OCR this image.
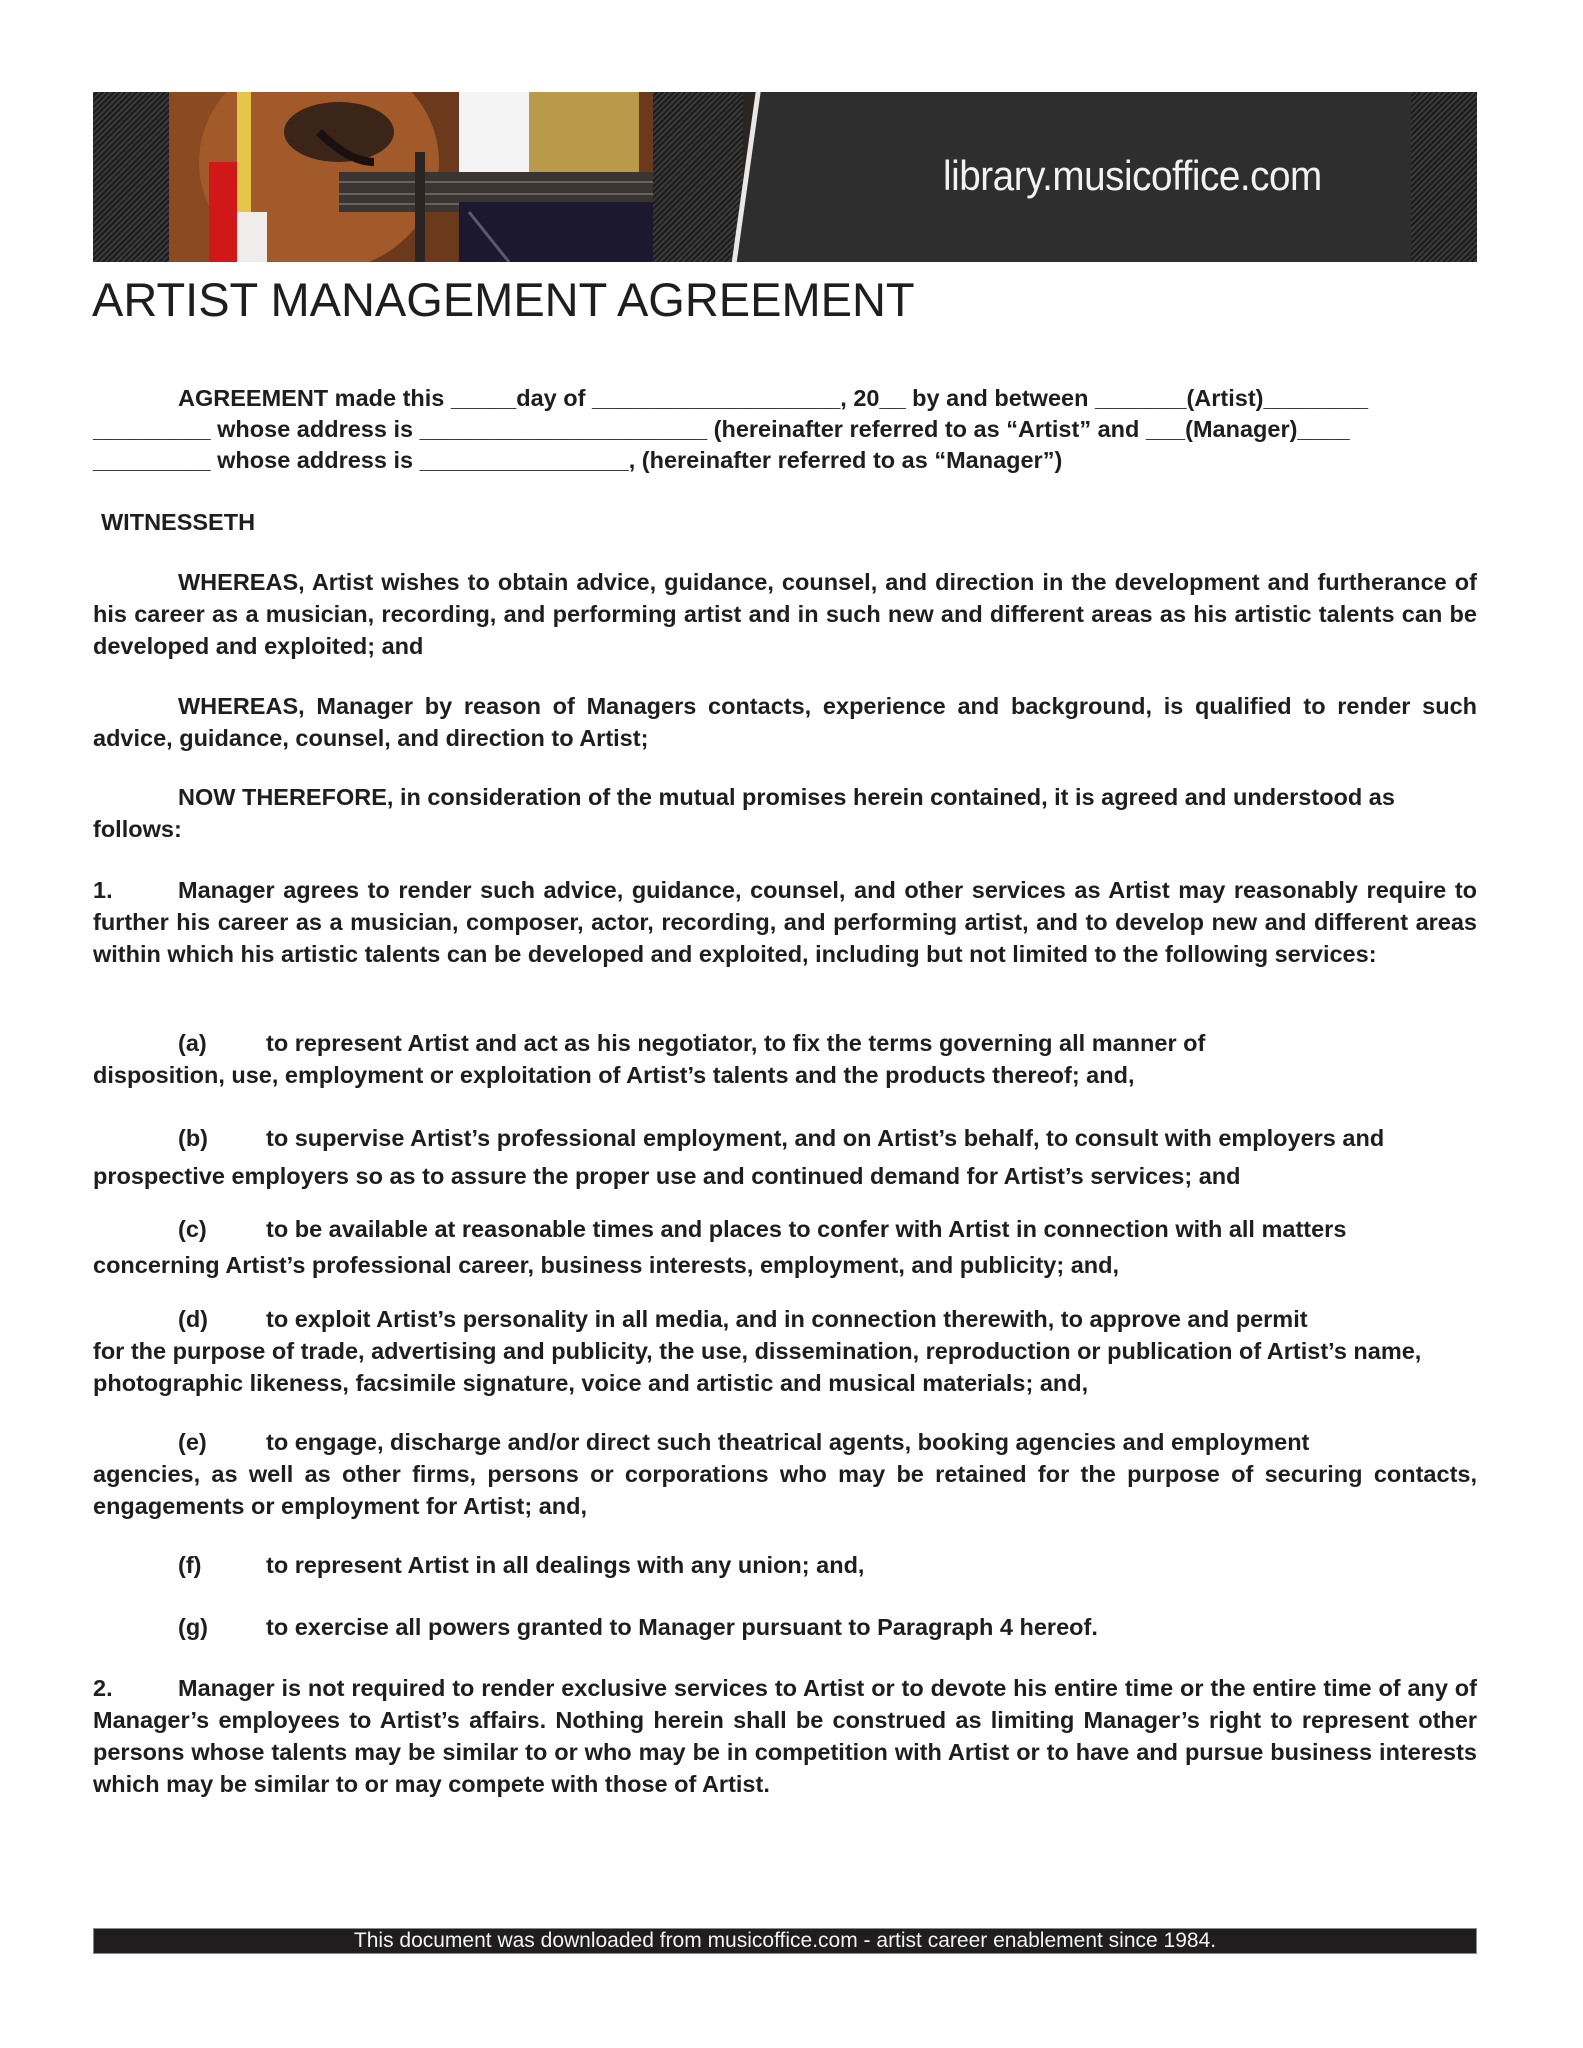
library.musicoffice.com
ARTIST MANAGEMENT AGREEMENT

AGREEMENT made this _____day of ___________________, 20__ by and between _______(Artist)________

_________ whose address is ______________________ (hereinafter referred to as “Artist” and ___(Manager)____

_________ whose address is ________________, (hereinafter referred to as “Manager”)

WITNESSETH

WHEREAS, Artist wishes to obtain advice, guidance, counsel, and direction in the development and furtherance of his career as a musician, recording, and performing artist and in such new and different areas as his artistic talents can be developed and exploited; and

WHEREAS, Manager by reason of Managers contacts, experience and background, is qualified to render such advice, guidance, counsel, and direction to Artist;

NOW THEREFORE, in consideration of the mutual promises herein contained, it is agreed and understood as follows:

1.	Manager agrees to render such advice, guidance, counsel, and other services as Artist may reasonably require to further his career as a musician, composer, actor, recording, and performing artist, and to develop new and different areas within which his artistic talents can be developed and exploited, including but not limited to the following services:

(a)	to represent Artist and act as his negotiator, to fix the terms governing all manner of
disposition, use, employment or exploitation of Artist’s talents and the products thereof; and,

(b) to supervise Artist’s professional employment, and on Artist’s behalf, to consult with employers and
prospective employers so as to assure the proper use and continued demand for Artist’s services; and

(c)	to be available at reasonable times and places to confer with Artist in connection with all matters
concerning Artist’s professional career, business interests, employment, and publicity; and,

(d) to exploit Artist’s personality in all media, and in connection therewith, to approve and permit
for the purpose of trade, advertising and publicity, the use, dissemination, reproduction or publication of Artist’s name, photographic likeness, facsimile signature, voice and artistic and musical materials; and,

(e)	to engage, discharge and/or direct such theatrical agents, booking agencies and employment
agencies, as well as other firms, persons or corporations who may be retained for the purpose of securing contacts, engagements or employment for Artist; and,

(f)	to represent Artist in all dealings with any union; and,

(g) to exercise all powers granted to Manager pursuant to Paragraph 4 hereof.

2.	Manager is not required to render exclusive services to Artist or to devote his entire time or the entire time of any of Manager’s employees to Artist’s affairs. Nothing herein shall be construed as limiting Manager’s right to represent other persons whose talents may be similar to or who may be in competition with Artist or to have and pursue business interests which may be similar to or may compete with those of Artist.

This document was downloaded from musicoffice.com - artist career enablement since 1984.
